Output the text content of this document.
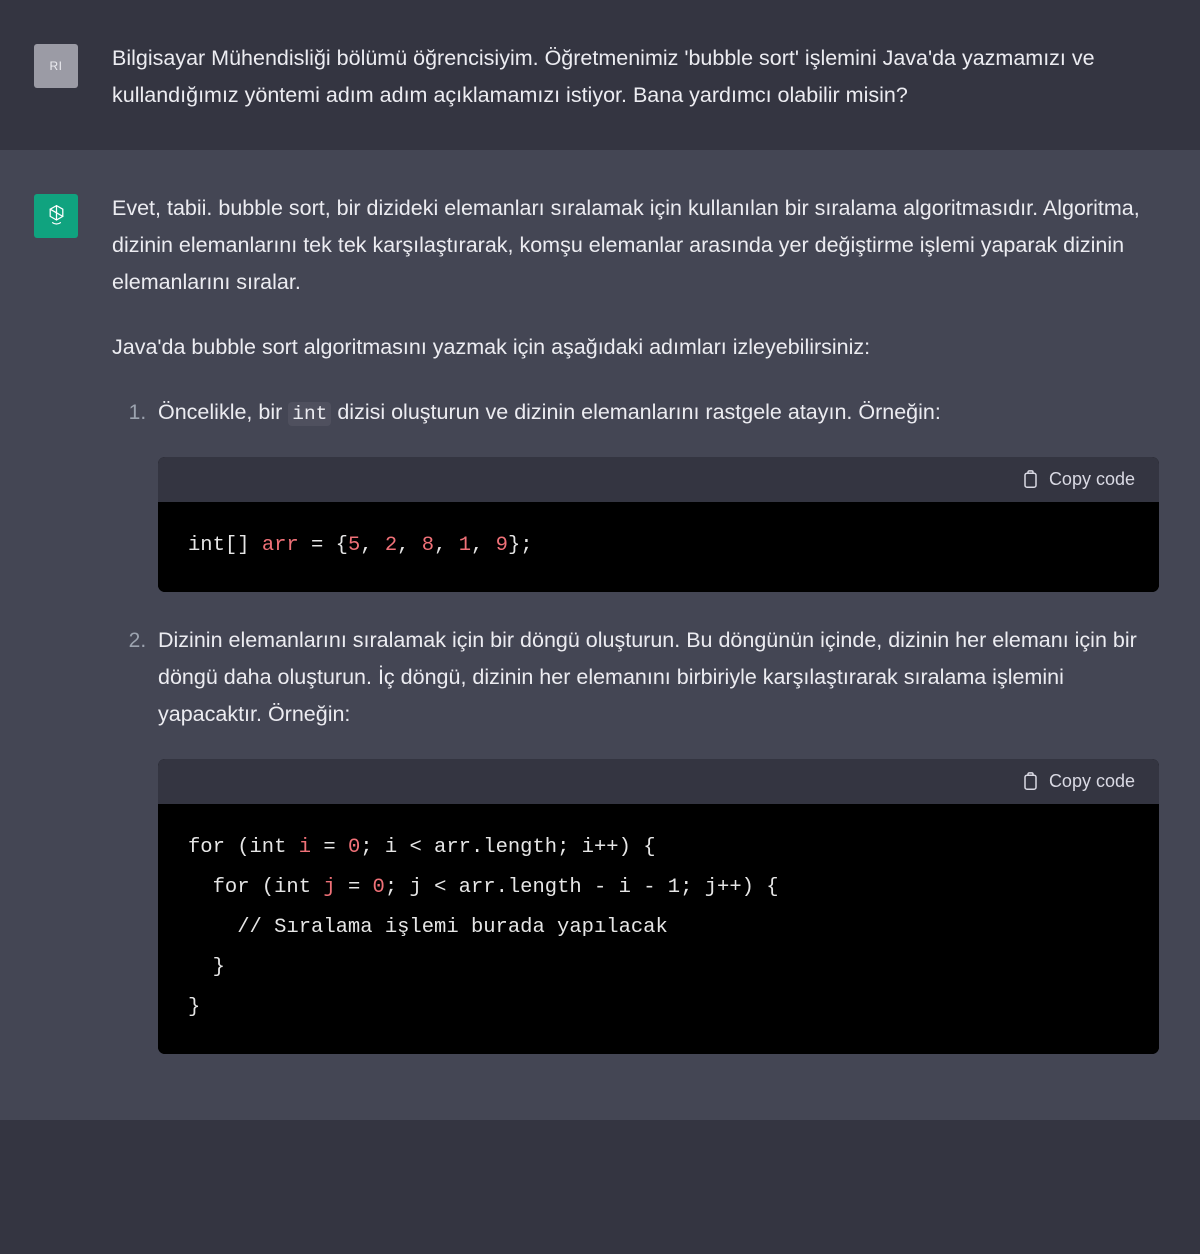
RI	Bilgisayar Mühendisliği bölümü öğrencisiyim. Öğretmenimiz 'bubble sort' işlemini Java'da yazmamızı ve kullandığımız yöntemi adım adım açıklamamızı istiyor. Bana yardımcı olabilir misin?

Evet, tabii. bubble sort, bir dizideki elemanları sıralamak için kullanılan bir sıralama algoritmasıdır. Algoritma, dizinin elemanlarını tek tek karşılaştırarak, komşu elemanlar arasında yer değiştirme işlemi yaparak dizinin elemanlarını sıralar.

Java'da bubble sort algoritmasını yazmak için aşağıdaki adımları izleyebilirsiniz:

1. Öncelikle, bir int dizisi oluşturun ve dizinin elemanlarını rastgele atayın. Örneğin:
Copy code
int[] arr = {5, 2, 8, 1, 9};
2. Dizinin elemanlarını sıralamak için bir döngü oluşturun. Bu döngünün içinde, dizinin her elemanı için bir döngü daha oluşturun. İç döngü, dizinin her elemanını birbiriyle karşılaştırarak sıralama işlemini yapacaktır. Örneğin:
Copy code
for (int i = 0; i < arr.length; i++) {
for (int j = 0; j < arr.length - i - 1; j++) {
// Sıralama işlemi burada yapılacak
}
}
